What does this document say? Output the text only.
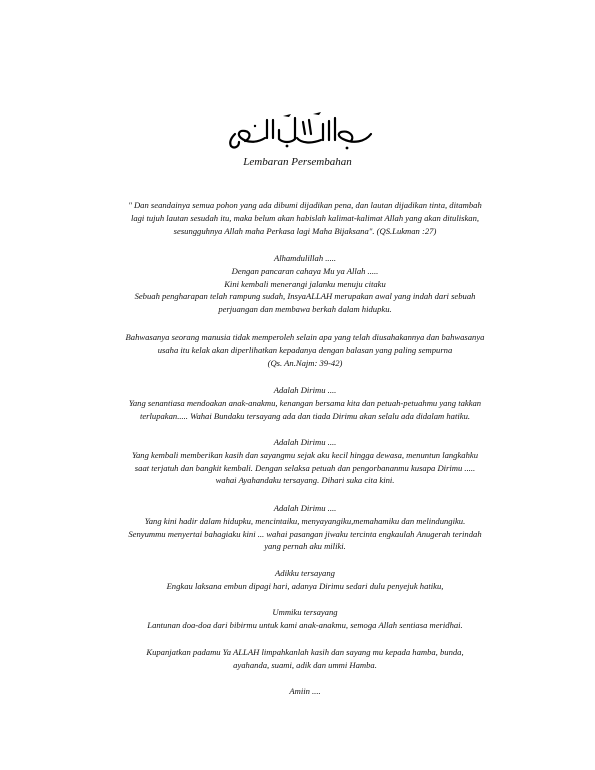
Lembaran Persembahan
" Dan seandainya semua pohon yang ada dibumi dijadikan pena, dan lautan dijadikan tinta, ditambah
lagi tujuh lautan sesudah itu, maka belum akan habislah kalimat-kalimat Allah yang akan dituliskan,
sesungguhnya Allah maha Perkasa lagi Maha Bijaksana". (QS.Lukman :27)
Alhamdulillah .....
Dengan pancaran cahaya Mu ya Allah .....
Kini kembali menerangi jalanku menuju citaku
Sebuah pengharapan telah rampung sudah, InsyaALLAH merupakan awal yang indah dari sebuah
perjuangan dan membawa berkah dalam hidupku.
Bahwasanya seorang manusia tidak memperoleh selain apa yang telah diusahakannya dan bahwasanya
usaha itu kelak akan diperlihatkan kepadanya dengan balasan yang paling sempurna
(Qs. An.Najm: 39-42)
Adalah Dirimu ....
Yang senantiasa mendoakan anak-anakmu, kenangan bersama kita dan petuah-petuahmu yang takkan
terlupakan..... Wahai Bundaku tersayang ada dan tiada Dirimu akan selalu ada didalam hatiku.
Adalah Dirimu ....
Yang kembali memberikan kasih dan sayangmu sejak aku kecil hingga dewasa, menuntun langkahku
saat terjatuh dan bangkit kembali. Dengan selaksa petuah dan pengorbananmu kusapa Dirimu .....
wahai Ayahandaku tersayang. Dihari suka cita kini.
Adalah Dirimu ....
Yang kini hadir dalam hidupku, mencintaiku, menyayangiku,memahamiku dan melindungiku.
Senyummu menyertai bahagiaku kini ... wahai pasangan jiwaku tercinta engkaulah Anugerah terindah
yang pernah aku miliki.
Adikku tersayang
Engkau laksana embun dipagi hari, adanya Dirimu sedari dulu penyejuk hatiku,
Ummiku tersayang
Lantunan doa-doa dari bibirmu untuk kami anak-anakmu, semoga Allah sentiasa meridhai.
Kupanjatkan padamu Ya ALLAH limpahkanlah kasih dan sayang mu kepada hamba, bunda,
ayahanda, suami, adik dan ummi Hamba.
Amiin ....
